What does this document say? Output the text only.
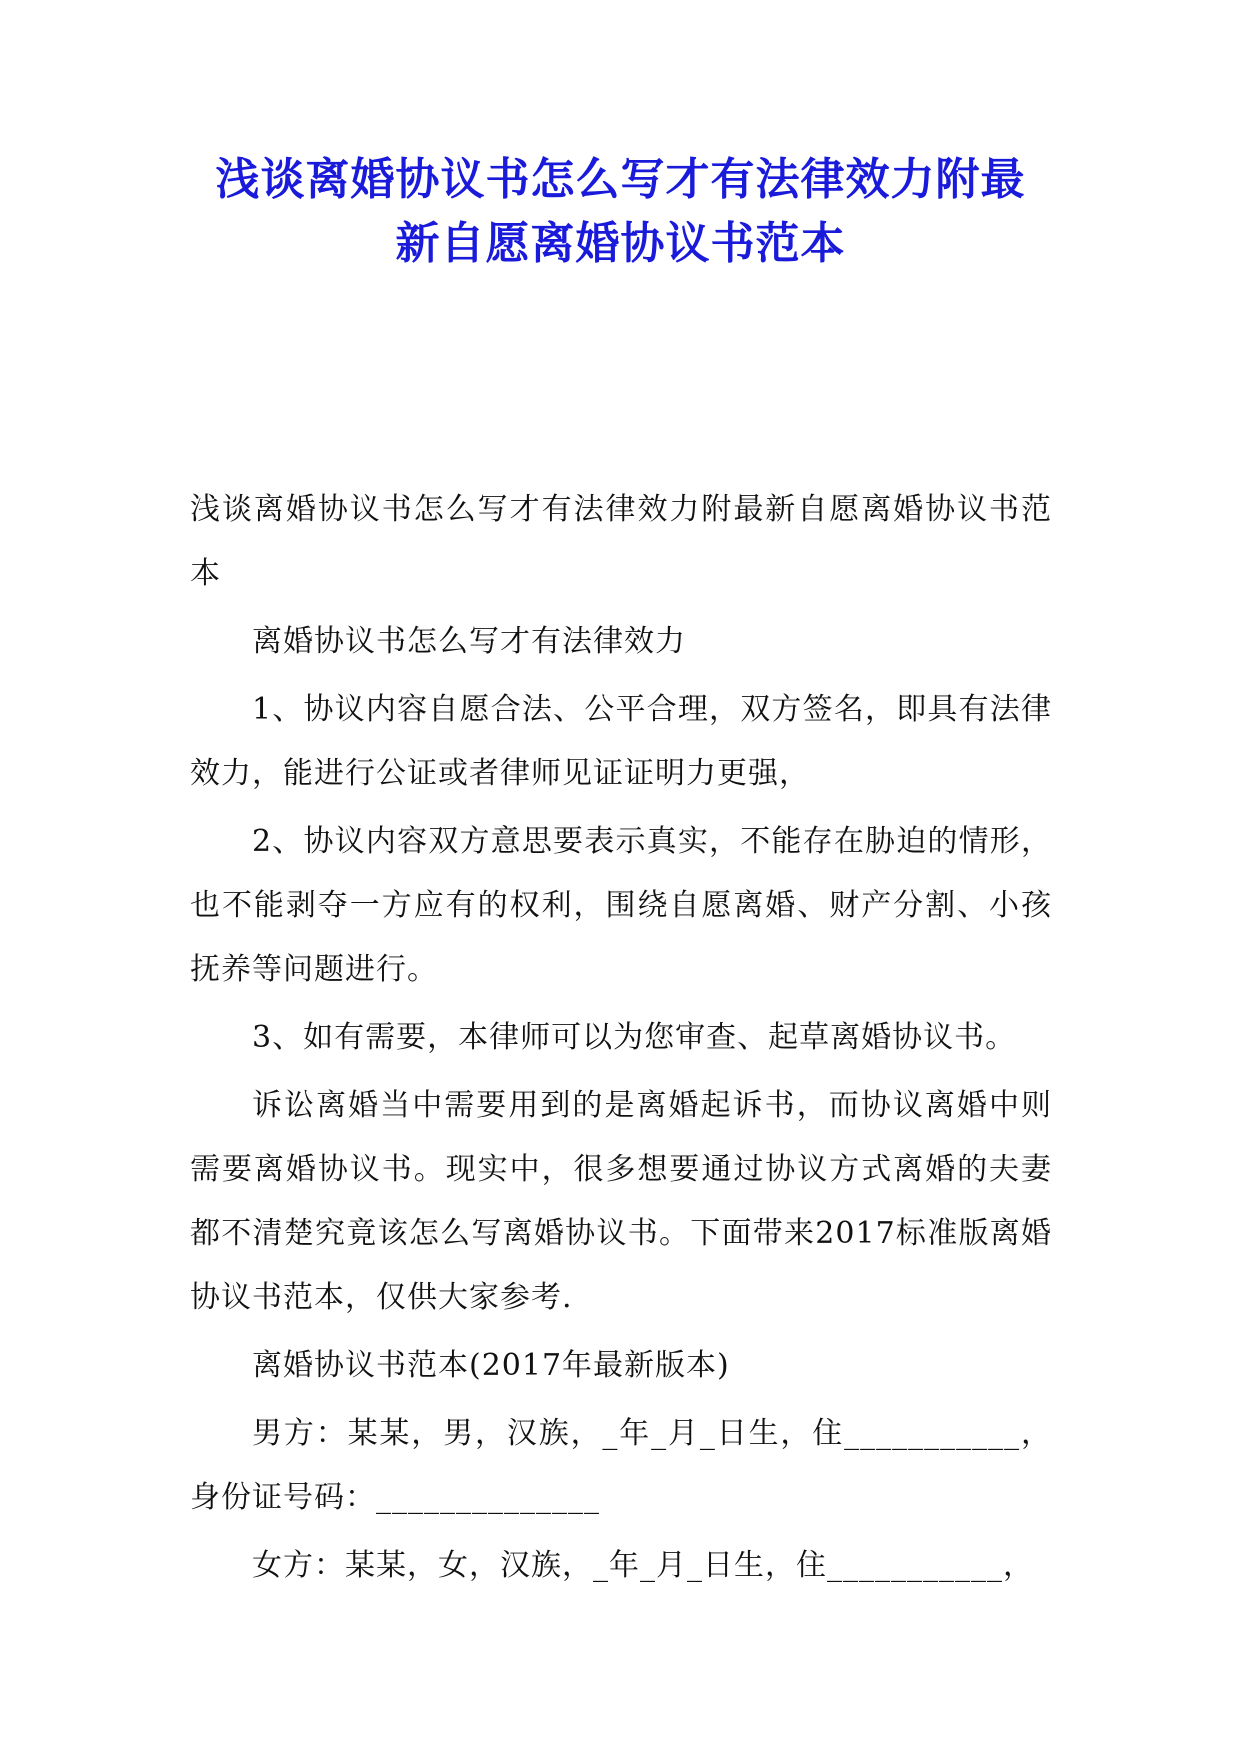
浅谈离婚协议书怎么写才有法律效力附最
新自愿离婚协议书范本

浅谈离婚协议书怎么写才有法律效力附最新自愿离婚协议书范本

离婚协议书怎么写才有法律效力

1、协议内容自愿合法、公平合理，双方签名，即具有法律效力，能进行公证或者律师见证证明力更强，

2、协议内容双方意思要表示真实，不能存在胁迫的情形，也不能剥夺一方应有的权利，围绕自愿离婚、财产分割、小孩抚养等问题进行。

3、如有需要，本律师可以为您审查、起草离婚协议书。

诉讼离婚当中需要用到的是离婚起诉书，而协议离婚中则需要离婚协议书。现实中，很多想要通过协议方式离婚的夫妻都不清楚究竟该怎么写离婚协议书。下面带来2017标准版离婚协议书范本，仅供大家参考.

离婚协议书范本(2017年最新版本)

男方：某某，男，汉族，_年_月_日生，住___________，身份证号码：______________

女方：某某，女，汉族，_年_月_日生，住___________，
